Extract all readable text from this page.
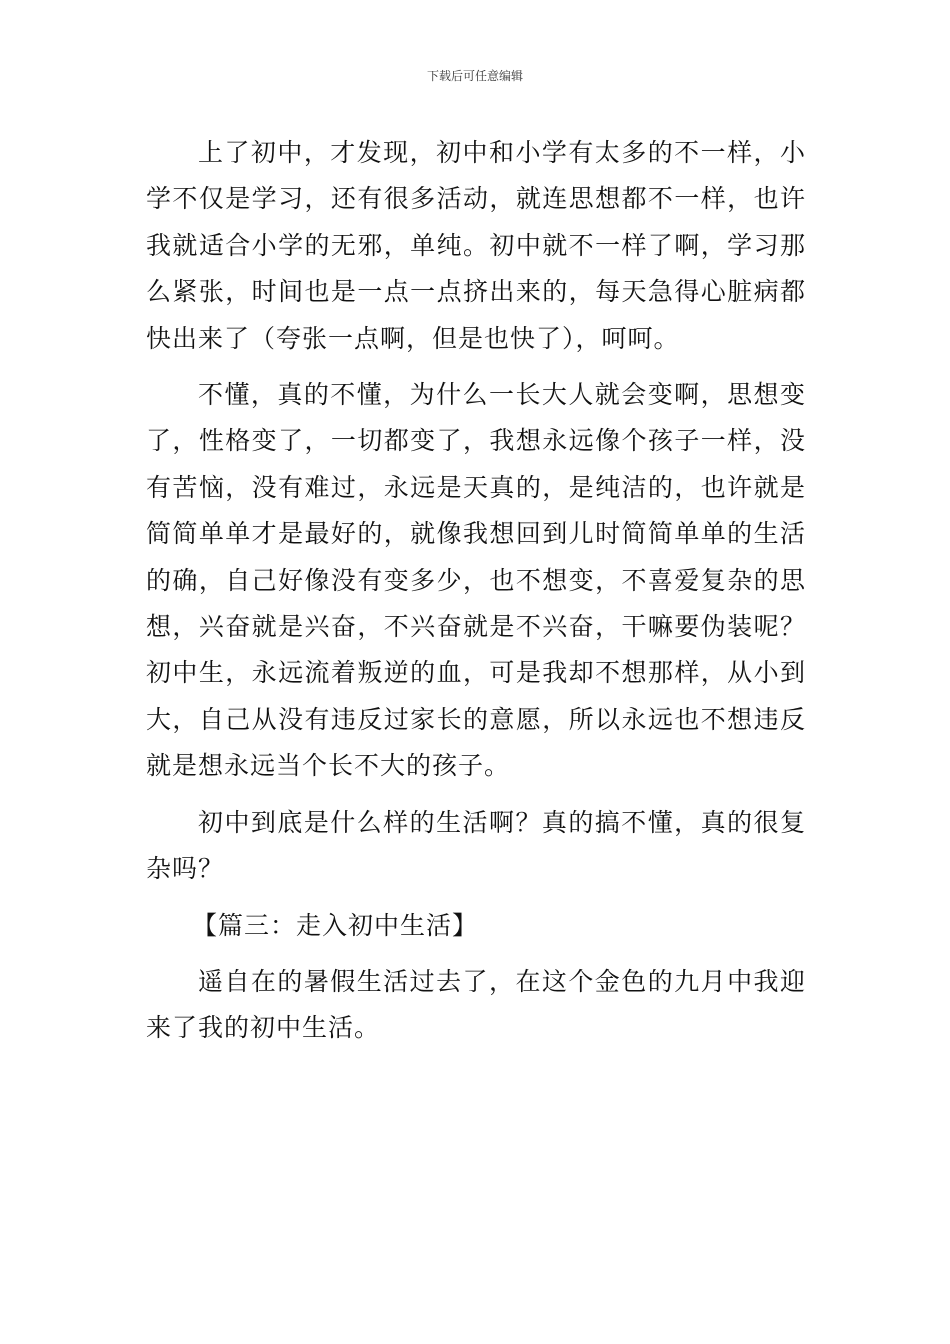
下载后可任意编辑

上了初中，才发现，初中和小学有太多的不一样，小学不仅是学习，还有很多活动，就连思想都不一样，也许我就适合小学的无邪，单纯。初中就不一样了啊，学习那么紧张，时间也是一点一点挤出来的，每天急得心脏病都快出来了（夸张一点啊，但是也快了），呵呵。

不懂，真的不懂，为什么一长大人就会变啊，思想变了，性格变了，一切都变了，我想永远像个孩子一样，没有苦恼，没有难过，永远是天真的，是纯洁的，也许就是简简单单才是最好的，就像我想回到儿时简简单单的生活的确，自己好像没有变多少，也不想变，不喜爱复杂的思想，兴奋就是兴奋，不兴奋就是不兴奋，干嘛要伪装呢？初中生，永远流着叛逆的血，可是我却不想那样，从小到大，自己从没有违反过家长的意愿，所以永远也不想违反就是想永远当个长不大的孩子。

初中到底是什么样的生活啊？真的搞不懂，真的很复杂吗？

【篇三：走入初中生活】

遥自在的暑假生活过去了，在这个金色的九月中我迎来了我的初中生活。
